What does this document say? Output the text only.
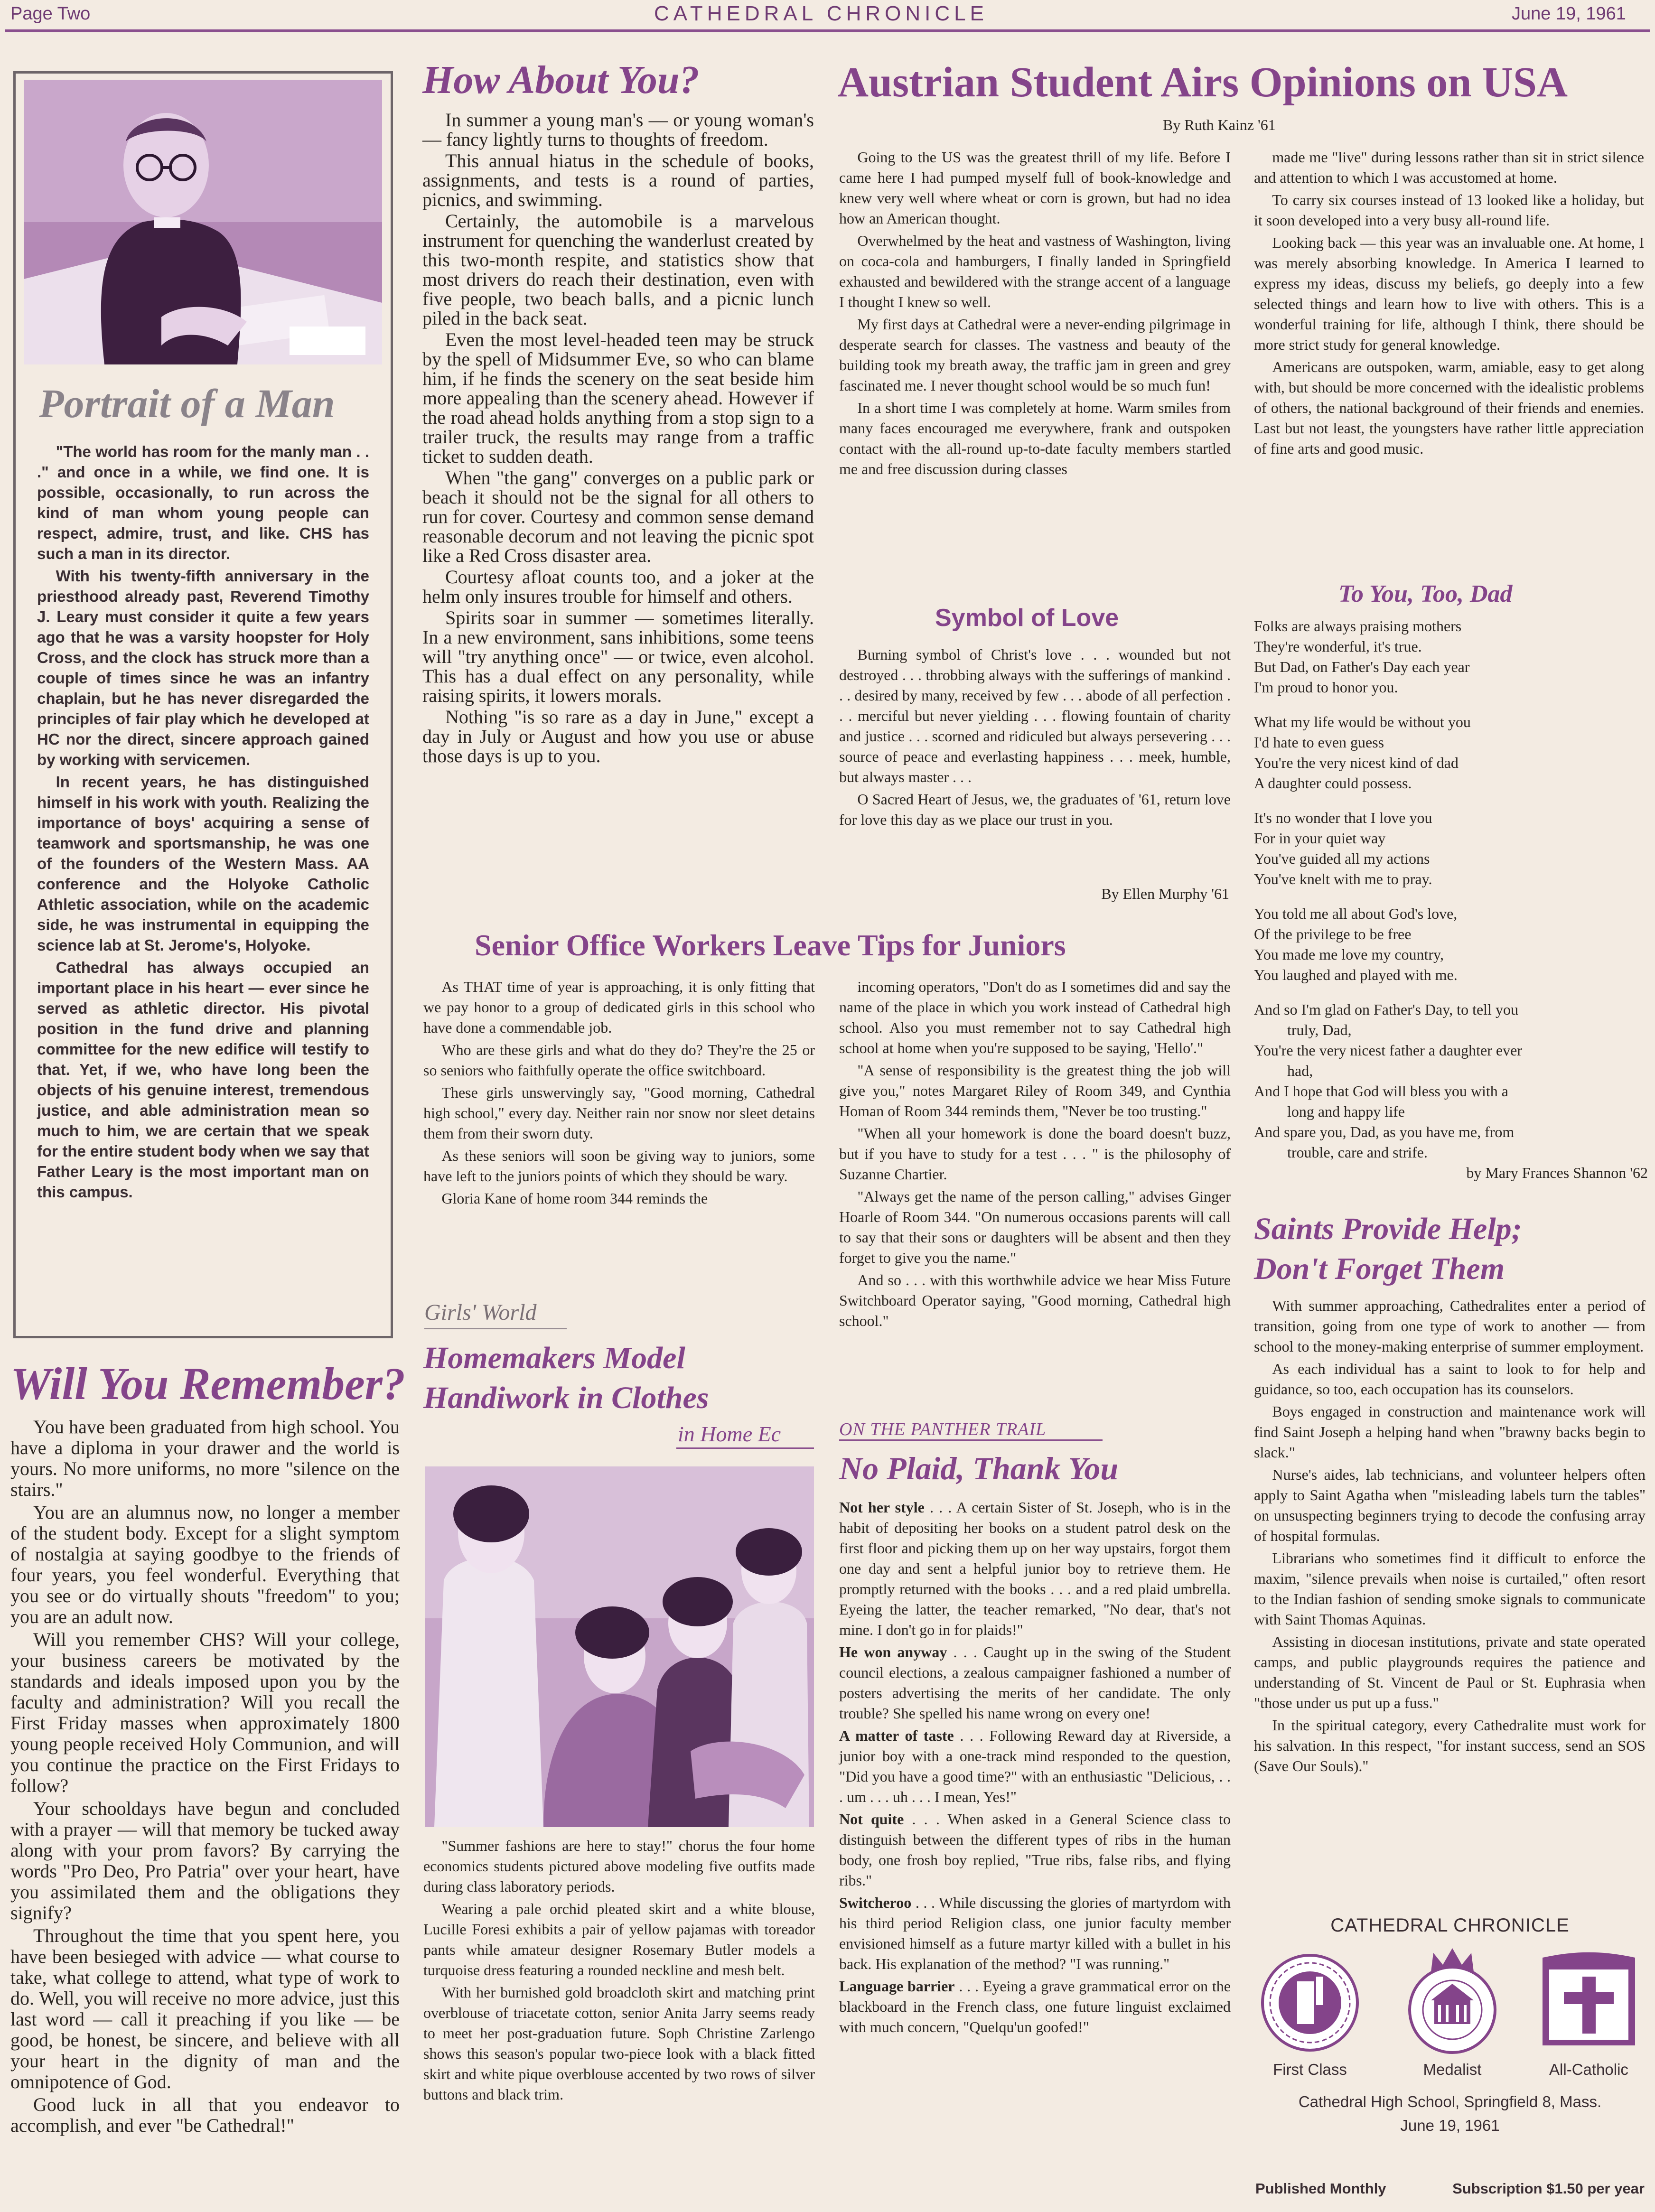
Page Two	CATHEDRAL CHRONICLE	June 19, 1961
Portrait of a Man

"The world has room for the manly man . . ." and once in a while, we find one. It is possible, occasionally, to run across the kind of man whom young people can respect, admire, trust, and like. CHS has such a man in its director.

With his twenty-fifth anniversary in the priesthood already past, Reverend Timothy J. Leary must consider it quite a few years ago that he was a varsity hoopster for Holy Cross, and the clock has struck more than a couple of times since he was an infantry chaplain, but he has never disregarded the principles of fair play which he developed at HC nor the direct, sincere approach gained by working with servicemen.

In recent years, he has distinguished himself in his work with youth. Realizing the importance of boys' acquiring a sense of teamwork and sportsmanship, he was one of the founders of the Western Mass. AA conference and the Holyoke Catholic Athletic association, while on the academic side, he was instrumental in equipping the science lab at St. Jerome's, Holyoke.

Cathedral has always occupied an important place in his heart — ever since he served as athletic director. His pivotal position in the fund drive and planning committee for the new edifice will testify to that. Yet, if we, who have long been the objects of his genuine interest, tremendous justice, and able administration mean so much to him, we are certain that we speak for the entire student body when we say that Father Leary is the most important man on this campus.

Will You Remember?

You have been graduated from high school. You have a diploma in your drawer and the world is yours. No more uniforms, no more "silence on the stairs."

You are an alumnus now, no longer a member of the student body. Except for a slight symptom of nostalgia at saying goodbye to the friends of four years, you feel wonderful. Everything that you see or do virtually shouts "freedom" to you; you are an adult now.

Will you remember CHS? Will your college, your business careers be motivated by the standards and ideals imposed upon you by the faculty and administration? Will you recall the First Friday masses when approximately 1800 young people received Holy Communion, and will you continue the practice on the First Fridays to follow?

Your schooldays have begun and concluded with a prayer — will that memory be tucked away along with your prom favors? By carrying the words "Pro Deo, Pro Patria" over your heart, have you assimilated them and the obligations they signify?

Throughout the time that you spent here, you have been besieged with advice — what course to take, what college to attend, what type of work to do. Well, you will receive no more advice, just this last word — call it preaching if you like — be good, be honest, be sincere, and believe with all your heart in the dignity of man and the omnipotence of God.

Good luck in all that you endeavor to accomplish, and ever "be Cathedral!"

How About You?

In summer a young man's — or young woman's — fancy lightly turns to thoughts of freedom.

This annual hiatus in the schedule of books, assignments, and tests is a round of parties, picnics, and swimming.

Certainly, the automobile is a marvelous instrument for quenching the wanderlust created by this two-month respite, and statistics show that most drivers do reach their destination, even with five people, two beach balls, and a picnic lunch piled in the back seat.

Even the most level-headed teen may be struck by the spell of Midsummer Eve, so who can blame him, if he finds the scenery on the seat beside him more appealing than the scenery ahead. However if the road ahead holds anything from a stop sign to a trailer truck, the results may range from a traffic ticket to sudden death.

When "the gang" converges on a public park or beach it should not be the signal for all others to run for cover. Courtesy and common sense demand reasonable decorum and not leaving the picnic spot like a Red Cross disaster area.

Courtesy afloat counts too, and a joker at the helm only insures trouble for himself and others.

Spirits soar in summer — sometimes literally. In a new environment, sans inhibitions, some teens will "try anything once" — or twice, even alcohol. This has a dual effect on any personality, while raising spirits, it lowers morals.

Nothing "is so rare as a day in June," except a day in July or August and how you use or abuse those days is up to you.

Austrian Student Airs Opinions on USA
By Ruth Kainz '61

Going to the US was the greatest thrill of my life. Before I came here I had pumped myself full of book-knowledge and knew very well where wheat or corn is grown, but had no idea how an American thought.

Overwhelmed by the heat and vastness of Washington, living on coca-cola and hamburgers, I finally landed in Springfield exhausted and bewildered with the strange accent of a language I thought I knew so well.

My first days at Cathedral were a never-ending pilgrimage in desperate search for classes. The vastness and beauty of the building took my breath away, the traffic jam in green and grey fascinated me. I never thought school would be so much fun!

In a short time I was completely at home. Warm smiles from many faces encouraged me everywhere, frank and outspoken contact with the all-round up-to-date faculty members startled me and free discussion during classes

made me "live" during lessons rather than sit in strict silence and attention to which I was accustomed at home.

To carry six courses instead of 13 looked like a holiday, but it soon developed into a very busy all-round life.

Looking back — this year was an invaluable one. At home, I was merely absorbing knowledge. In America I learned to express my ideas, discuss my beliefs, go deeply into a few selected things and learn how to live with others. This is a wonderful training for life, although I think, there should be more strict study for general knowledge.

Americans are outspoken, warm, amiable, easy to get along with, but should be more concerned with the idealistic problems of others, the national background of their friends and enemies. Last but not least, the youngsters have rather little appreciation of fine arts and good music.

Symbol of Love

Burning symbol of Christ's love . . . wounded but not destroyed . . . throbbing always with the sufferings of mankind . . . desired by many, received by few . . . abode of all perfection . . . merciful but never yielding . . . flowing fountain of charity and justice . . . scorned and ridiculed but always persevering . . . source of peace and everlasting happiness . . . meek, humble, but always master . . .

O Sacred Heart of Jesus, we, the graduates of '61, return love for love this day as we place our trust in you.

By Ellen Murphy '61
To You, Too, Dad
Folks are always praising mothers
They're wonderful, it's true.
But Dad, on Father's Day each year
I'm proud to honor you.
What my life would be without you
I'd hate to even guess
You're the very nicest kind of dad
A daughter could possess.
It's no wonder that I love you
For in your quiet way
You've guided all my actions
You've knelt with me to pray.
You told me all about God's love,
Of the privilege to be free
You made me love my country,
You laughed and played with me.
And so I'm glad on Father's Day, to tell you
truly, Dad,
You're the very nicest father a daughter ever
had,
And I hope that God will bless you with a
long and happy life
And spare you, Dad, as you have me, from
trouble, care and strife.
by Mary Frances Shannon '62
Senior Office Workers Leave Tips for Juniors

As THAT time of year is approaching, it is only fitting that we pay honor to a group of dedicated girls in this school who have done a commendable job.

Who are these girls and what do they do? They're the 25 or so seniors who faithfully operate the office switchboard.

These girls unswervingly say, "Good morning, Cathedral high school," every day. Neither rain nor snow nor sleet detains them from their sworn duty.

As these seniors will soon be giving way to juniors, some have left to the juniors points of which they should be wary.

Gloria Kane of home room 344 reminds the

incoming operators, "Don't do as I sometimes did and say the name of the place in which you work instead of Cathedral high school. Also you must remember not to say Cathedral high school at home when you're supposed to be saying, 'Hello'."

"A sense of responsibility is the greatest thing the job will give you," notes Margaret Riley of Room 349, and Cynthia Homan of Room 344 reminds them, "Never be too trusting."

"When all your homework is done the board doesn't buzz, but if you have to study for a test . . . " is the philosophy of Suzanne Chartier.

"Always get the name of the person calling," advises Ginger Hoarle of Room 344. "On numerous occasions parents will call to say that their sons or daughters will be absent and then they forget to give you the name."

And so . . . with this worthwhile advice we hear Miss Future Switchboard Operator saying, "Good morning, Cathedral high school."

Girls' World
Homemakers Model
Handiwork in Clothes
in Home Ec

"Summer fashions are here to stay!" chorus the four home economics students pictured above modeling five outfits made during class laboratory periods.

Wearing a pale orchid pleated skirt and a white blouse, Lucille Foresi exhibits a pair of yellow pajamas with toreador pants while amateur designer Rosemary Butler models a turquoise dress featuring a rounded neckline and mesh belt.

With her burnished gold broadcloth skirt and matching print overblouse of triacetate cotton, senior Anita Jarry seems ready to meet her post-graduation future. Soph Christine Zarlengo shows this season's popular two-piece look with a black fitted skirt and white pique overblouse accented by two rows of silver buttons and black trim.

ON THE PANTHER TRAIL
No Plaid, Thank You

Not her style . . . A certain Sister of St. Joseph, who is in the habit of depositing her books on a student patrol desk on the first floor and picking them up on her way upstairs, forgot them one day and sent a helpful junior boy to retrieve them. He promptly returned with the books . . . and a red plaid umbrella. Eyeing the latter, the teacher remarked, "No dear, that's not mine. I don't go in for plaids!"

He won anyway . . . Caught up in the swing of the Student council elections, a zealous campaigner fashioned a number of posters advertising the merits of her candidate. The only trouble? She spelled his name wrong on every one!

A matter of taste . . . Following Reward day at Riverside, a junior boy with a one-track mind responded to the question, "Did you have a good time?" with an enthusiastic "Delicious, . . . um . . . uh . . . I mean, Yes!"

Not quite . . . When asked in a General Science class to distinguish between the different types of ribs in the human body, one frosh boy replied, "True ribs, false ribs, and flying ribs."

Switcheroo . . . While discussing the glories of martyrdom with his third period Religion class, one junior faculty member envisioned himself as a future martyr killed with a bullet in his back. His explanation of the method? "I was running."

Language barrier . . . Eyeing a grave grammatical error on the blackboard in the French class, one future linguist exclaimed with much concern, "Quelqu'un goofed!"

Saints Provide Help;
Don't Forget Them

With summer approaching, Cathedralites enter a period of transition, going from one type of work to another — from school to the money-making enterprise of summer employment.

As each individual has a saint to look to for help and guidance, so too, each occupation has its counselors.

Boys engaged in construction and maintenance work will find Saint Joseph a helping hand when "brawny backs begin to slack."

Nurse's aides, lab technicians, and volunteer helpers often apply to Saint Agatha when "misleading labels turn the tables" on unsuspecting beginners trying to decode the confusing array of hospital formulas.

Librarians who sometimes find it difficult to enforce the maxim, "silence prevails when noise is curtailed," often resort to the Indian fashion of sending smoke signals to communicate with Saint Thomas Aquinas.

Assisting in diocesan institutions, private and state operated camps, and public playgrounds requires the patience and understanding of St. Vincent de Paul or St. Euphrasia when "those under us put up a fuss."

In the spiritual category, every Cathedralite must work for his salvation. In this respect, "for instant success, send an SOS (Save Our Souls)."

CATHEDRAL CHRONICLE
First Class	Medalist	All-Catholic
Cathedral High School, Springfield 8, Mass.
June 19, 1961
Published Monthly	Subscription $1.50 per year
